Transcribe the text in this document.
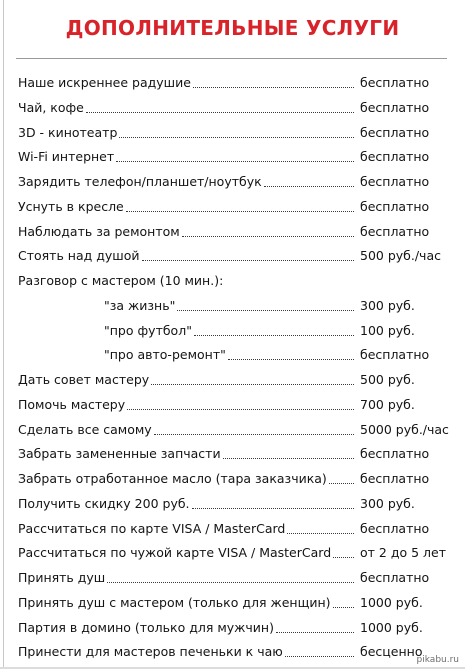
ДОПОЛНИТЕЛЬНЫЕ УСЛУГИ
Наше искреннее радушие	бесплатно
Чай, кофе	бесплатно
3D - кинотеатр	бесплатно
Wi-Fi интернет	бесплатно
Зарядить телефон/планшет/ноутбук	бесплатно
Уснуть в кресле	бесплатно
Наблюдать за ремонтом	бесплатно
Стоять над душой	500 руб./час
Разговор с мастером (10 мин.):
"за жизнь"	300 руб.
"про футбол"	100 руб.
"про авто-ремонт"	бесплатно
Дать совет мастеру	500 руб.
Помочь мастеру	700 руб.
Сделать все самому	5000 руб./час
Забрать замененные запчасти	бесплатно
Забрать отработанное масло (тара заказчика)	бесплатно
Получить скидку 200 руб.	300 руб.
Рассчитаться по карте VISA / MasterCard	бесплатно
Рассчитаться по чужой карте VISA / MasterCard от 2 до 5 лет
Принять душ	бесплатно
Принять душ с мастером (только для женщин) 1000 руб.
Партия в домино (только для мужчин)	1000 руб.
Принести для мастеров печеньки к чаю	бесценно
pikabu.ru
